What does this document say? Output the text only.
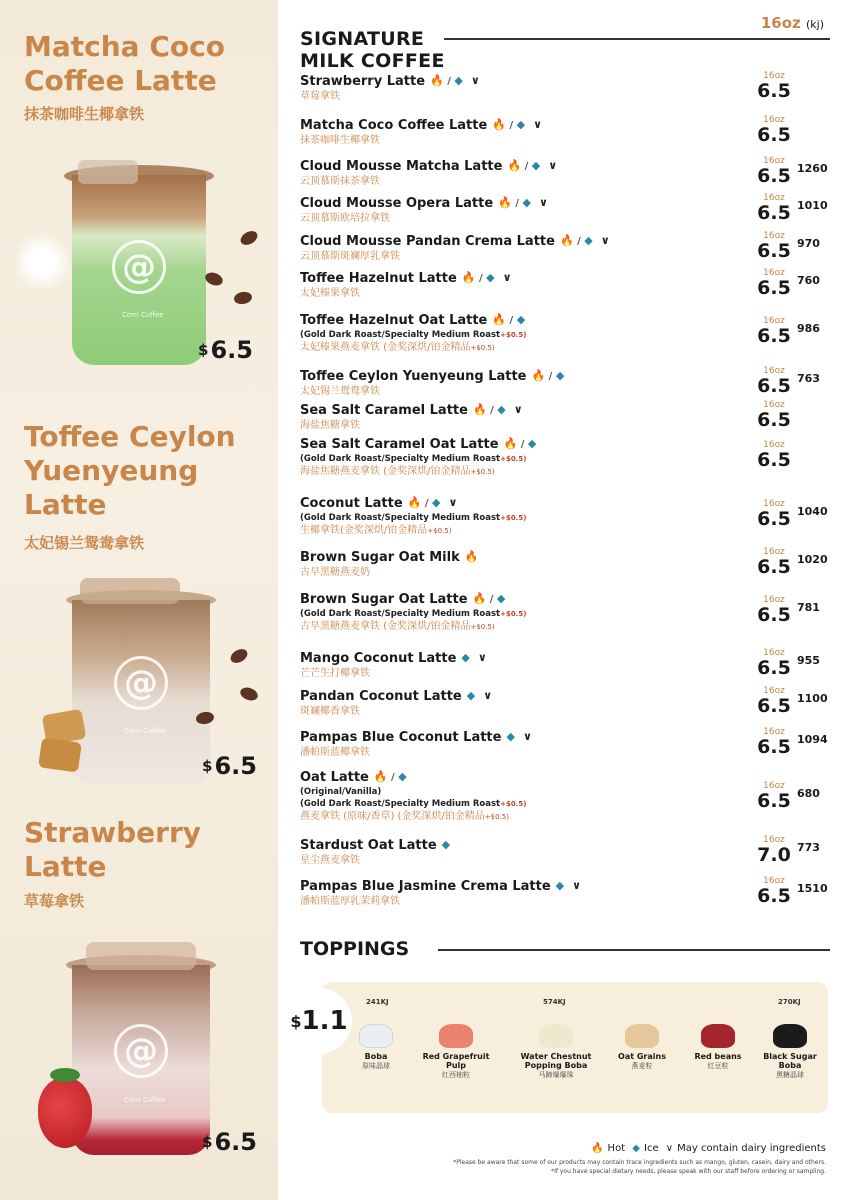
Matcha Coco
Coffee Latte
抹茶咖啡生椰拿铁
@
Corri Coffee
$6.5
Toffee Ceylon
Yuenyeung
Latte
太妃锡兰鸳鸯拿铁
@
Corri Coffee
$6.5
Strawberry
Latte
草莓拿铁
@
Corri Coffee
$6.5
16oz (kj)
SIGNATURE
MILK COFFEE
Strawberry Latte 🔥 / ◆ ∨
草莓拿铁
16oz
6.5
Matcha Coco Coffee Latte 🔥 / ◆ ∨
抹茶咖啡生椰拿铁
16oz
6.5
Cloud Mousse Matcha Latte 🔥 / ◆ ∨
云顶慕斯抹茶拿铁
16oz
6.5 1260
Cloud Mousse Opera Latte 🔥 / ◆ ∨
云顶慕斯欧培拉拿铁
16oz
6.5 1010
Cloud Mousse Pandan Crema Latte 🔥 / ◆ ∨
云顶慕斯斑斓厚乳拿铁
16oz
6.5 970
Toffee Hazelnut Latte 🔥 / ◆ ∨
太妃榛果拿铁
16oz
6.5 760
Toffee Hazelnut Oat Latte 🔥 / ◆
(Gold Dark Roast/Specialty Medium Roast+$0.5)
太妃榛果燕麦拿铁 (金奖深烘/铂金精品+$0.5)
16oz
6.5 986
Toffee Ceylon Yuenyeung Latte 🔥 / ◆
太妃锡兰鸳鸯拿铁
16oz
6.5 763
Sea Salt Caramel Latte 🔥 / ◆ ∨
海盐焦糖拿铁
16oz
6.5
Sea Salt Caramel Oat Latte 🔥 / ◆
(Gold Dark Roast/Specialty Medium Roast+$0.5)
海盐焦糖燕麦拿铁 (金奖深烘/铂金精品+$0.5)
16oz
6.5
Coconut Latte 🔥 / ◆ ∨
(Gold Dark Roast/Specialty Medium Roast+$0.5)
生椰拿铁(金奖深烘/铂金精品+$0.5)
16oz
6.5 1040
Brown Sugar Oat Milk 🔥
古早黑糖燕麦奶
16oz
6.5 1020
Brown Sugar Oat Latte 🔥 / ◆
(Gold Dark Roast/Specialty Medium Roast+$0.5)
古早黑糖燕麦拿铁 (金奖深烘/铂金精品+$0.5)
16oz
6.5 781
Mango Coconut Latte ◆ ∨
芒芒生打椰拿铁
16oz
6.5 955
Pandan Coconut Latte ◆ ∨
斑斓椰香拿铁
16oz
6.5 1100
Pampas Blue Coconut Latte ◆ ∨
潘帕斯蓝椰拿铁
16oz
6.5 1094
Oat Latte 🔥 / ◆
(Original/Vanilla)
(Gold Dark Roast/Specialty Medium Roast+$0.5)
燕麦拿铁 (原味/香草) (金奖深烘/铂金精品+$0.5)
16oz
6.5 680
Stardust Oat Latte ◆
星尘燕麦拿铁
16oz
7.0 773
Pampas Blue Jasmine Crema Latte ◆ ∨
潘帕斯蓝厚乳茉莉拿铁
16oz
6.5 1510
TOPPINGS
$ 1.1
241KJ	574KJ	270KJ
Boba
原味晶球
Red Grapefruit Pulp
红西柚粒
Water Chestnut Popping Boba
马蹄爆爆珠
Oat Grains
燕麦粒
Red beans
红豆粒
Black Sugar Boba
黑糖晶球
🔥 Hot ◆ Ice ∨ May contain dairy ingredients
*Please be aware that some of our products may contain trace ingredients such as mango, gluten, casein, dairy and others.
*If you have special dietary needs, please speak with our staff before ordering or sampling.
